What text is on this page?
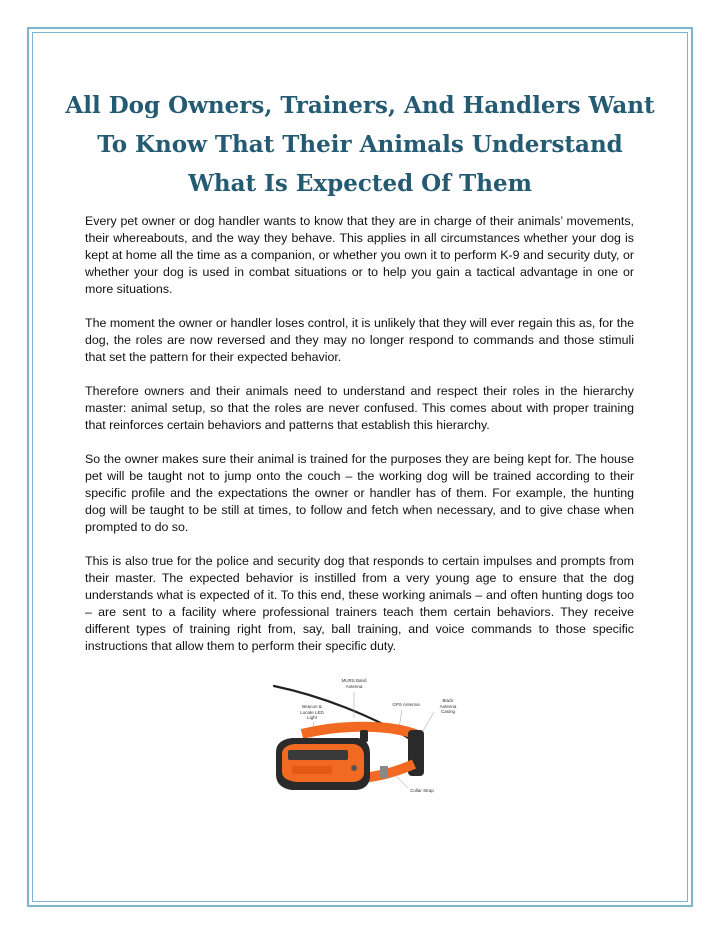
All Dog Owners, Trainers, And Handlers Want To Know That Their Animals Understand What Is Expected Of Them

Every pet owner or dog handler wants to know that they are in charge of their animals’ movements, their whereabouts, and the way they behave. This applies in all circumstances whether your dog is kept at home all the time as a companion, or whether you own it to perform K-9 and security duty, or whether your dog is used in combat situations or to help you gain a tactical advantage in one or more situations.

The moment the owner or handler loses control, it is unlikely that they will ever regain this as, for the dog, the roles are now reversed and they may no longer respond to commands and those stimuli that set the pattern for their expected behavior.

Therefore owners and their animals need to understand and respect their roles in the hierarchy master: animal setup, so that the roles are never confused. This comes about with proper training that reinforces certain behaviors and patterns that establish this hierarchy.

So the owner makes sure their animal is trained for the purposes they are being kept for. The house pet will be taught not to jump onto the couch – the working dog will be trained according to their specific profile and the expectations the owner or handler has of them. For example, the hunting dog will be taught to be still at times, to follow and fetch when necessary, and to give chase when prompted to do so.

This is also true for the police and security dog that responds to certain impulses and prompts from their master. The expected behavior is instilled from a very young age to ensure that the dog understands what is expected of it. To this end, these working animals – and often hunting dogs too – are sent to a facility where professional trainers teach them certain behaviors. They receive different types of training right from, say, ball training, and voice commands to those specific instructions that allow them to perform their specific duty.

MURS Band Antenna
GPS Antenna
Black Antenna Casing
Beacon & Locate LED Light
Collar Strap
